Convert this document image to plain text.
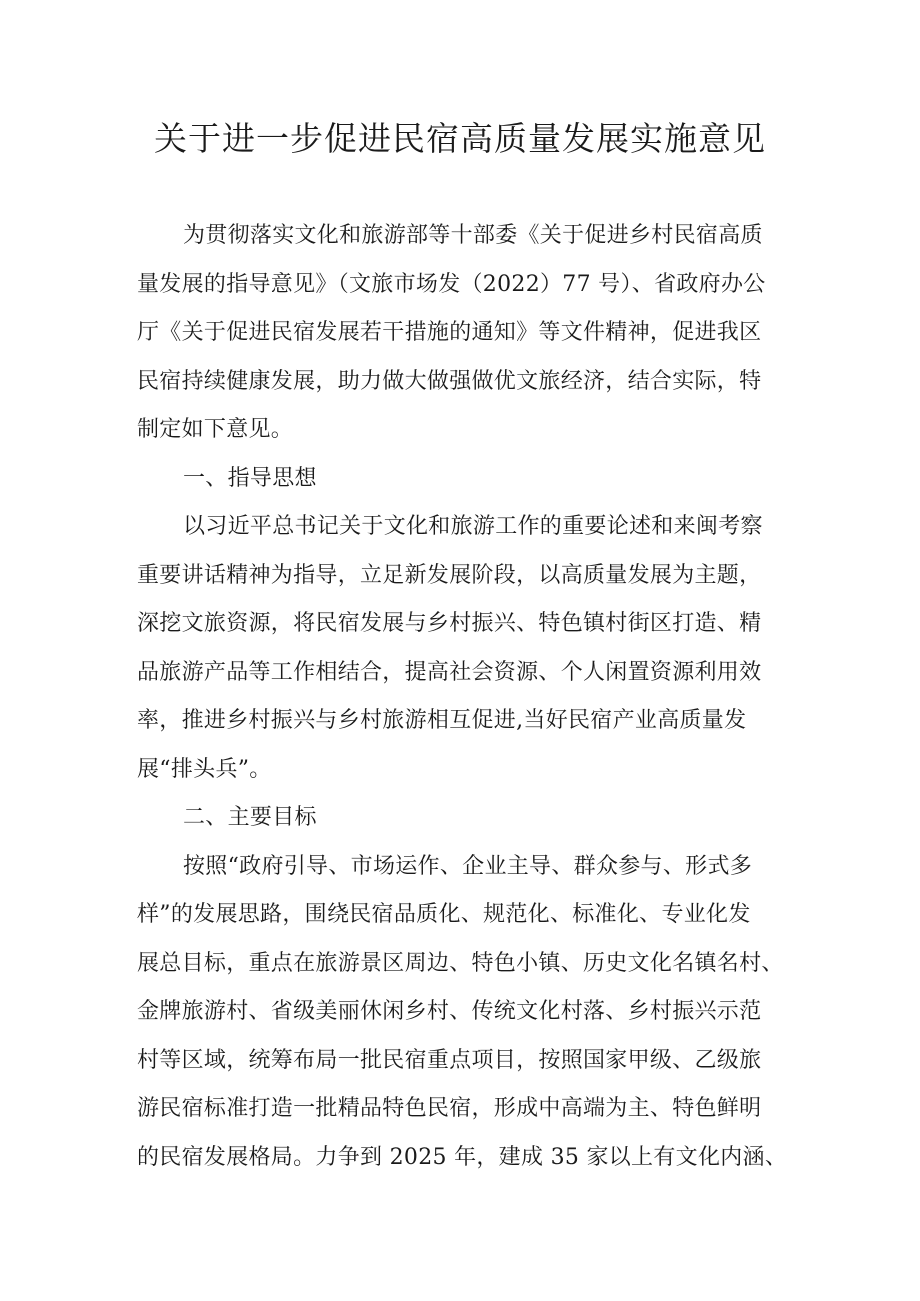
关于进一步促进民宿高质量发展实施意见
为贯彻落实文化和旅游部等十部委《关于促进乡村民宿高质
量发展的指导意见》（文旅市场发（2022）77 号）、省政府办公
厅《关于促进民宿发展若干措施的通知》等文件精神，促进我区
民宿持续健康发展，助力做大做强做优文旅经济，结合实际，特
制定如下意见。
一、指导思想
以习近平总书记关于文化和旅游工作的重要论述和来闽考察
重要讲话精神为指导，立足新发展阶段，以高质量发展为主题，
深挖文旅资源，将民宿发展与乡村振兴、特色镇村街区打造、精
品旅游产品等工作相结合，提高社会资源、个人闲置资源利用效
率，推进乡村振兴与乡村旅游相互促进,当好民宿产业高质量发
展“排头兵”。
二、主要目标
按照“政府引导、市场运作、企业主导、群众参与、形式多
样”的发展思路，围绕民宿品质化、规范化、标准化、专业化发
展总目标，重点在旅游景区周边、特色小镇、历史文化名镇名村、
金牌旅游村、省级美丽休闲乡村、传统文化村落、乡村振兴示范
村等区域，统筹布局一批民宿重点项目，按照国家甲级、乙级旅
游民宿标准打造一批精品特色民宿，形成中高端为主、特色鲜明
的民宿发展格局。力争到 2025 年，建成 35 家以上有文化内涵、
